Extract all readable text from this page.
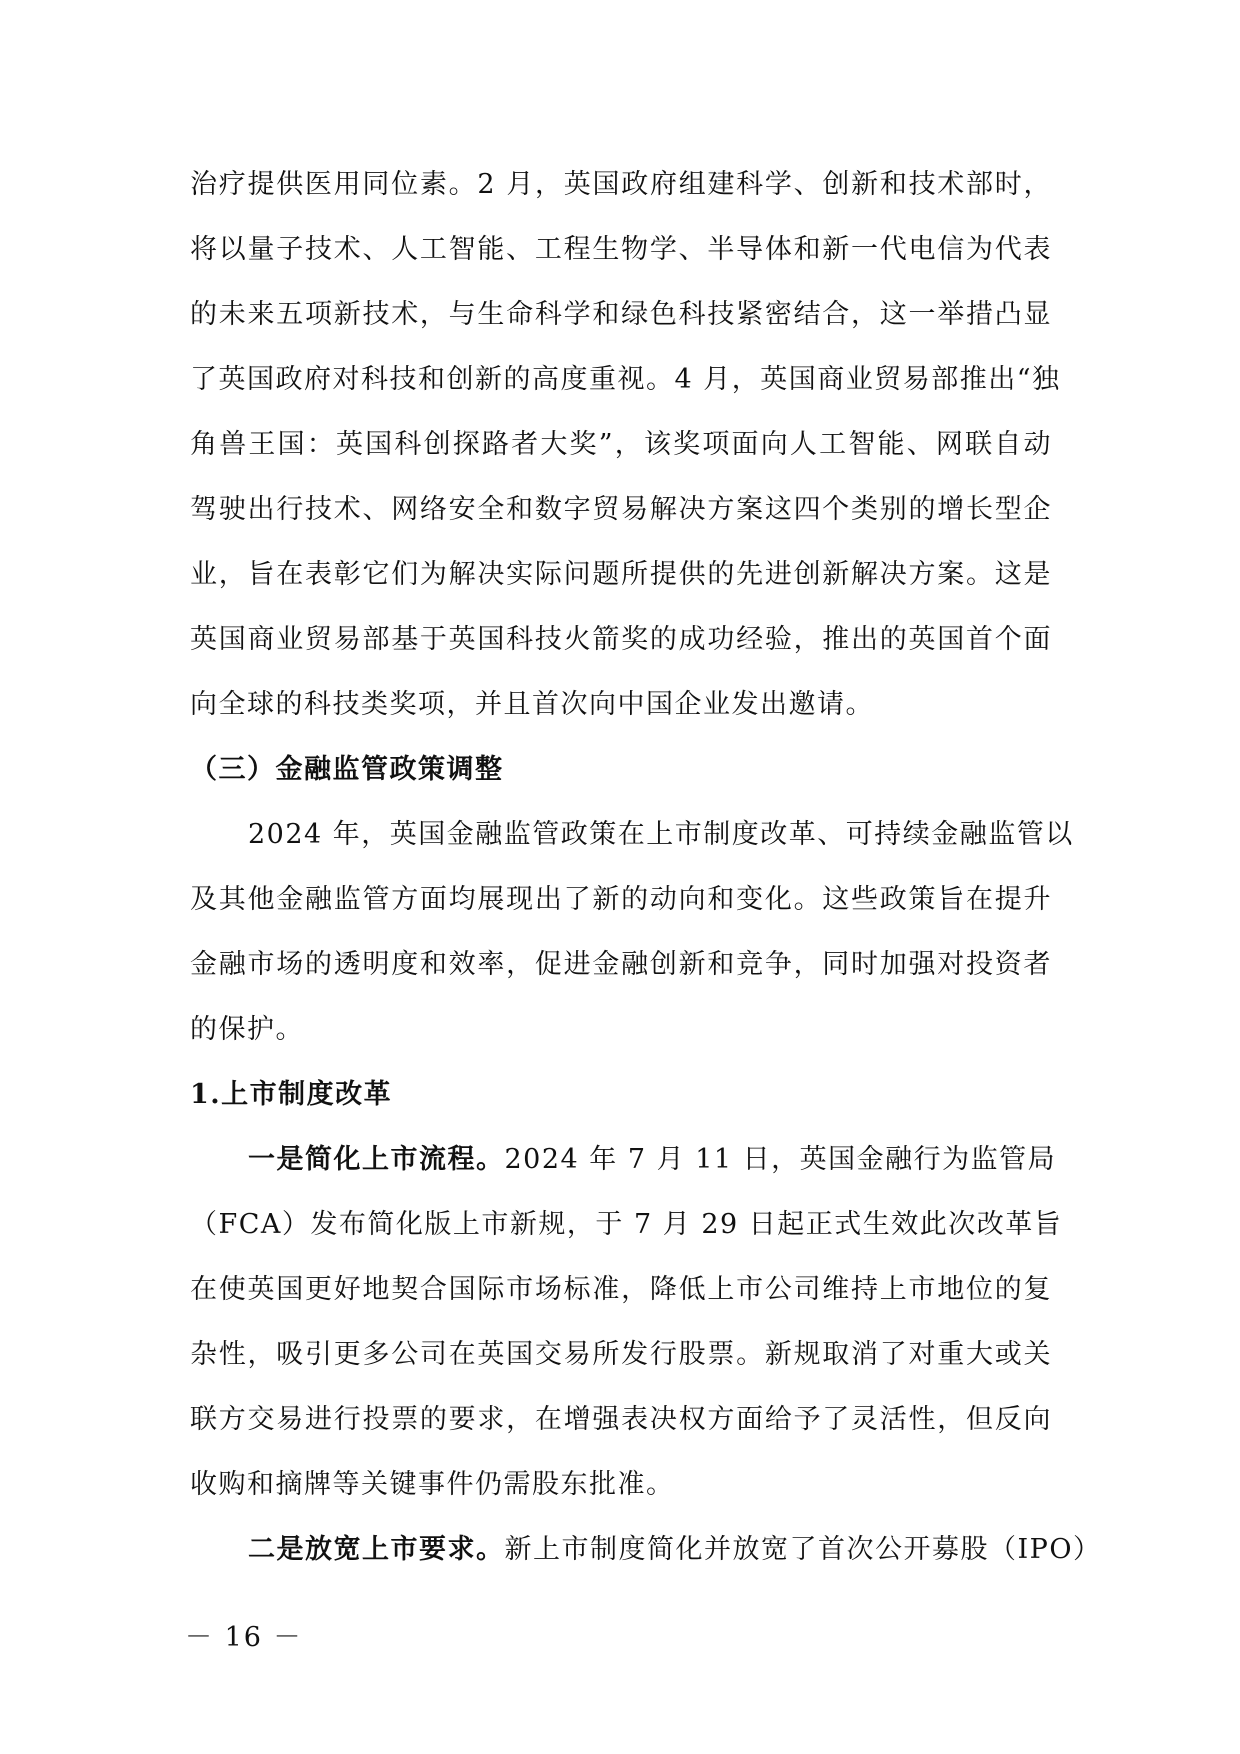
治疗提供医用同位素。2 月，英国政府组建科学、创新和技术部时，
将以量子技术、人工智能、工程生物学、半导体和新一代电信为代表
的未来五项新技术，与生命科学和绿色科技紧密结合，这一举措凸显
了英国政府对科技和创新的高度重视。4 月，英国商业贸易部推出“独
角兽王国：英国科创探路者大奖”，该奖项面向人工智能、网联自动
驾驶出行技术、网络安全和数字贸易解决方案这四个类别的增长型企
业，旨在表彰它们为解决实际问题所提供的先进创新解决方案。这是
英国商业贸易部基于英国科技火箭奖的成功经验，推出的英国首个面
向全球的科技类奖项，并且首次向中国企业发出邀请。
（三）金融监管政策调整
2024 年，英国金融监管政策在上市制度改革、可持续金融监管以
及其他金融监管方面均展现出了新的动向和变化。这些政策旨在提升
金融市场的透明度和效率，促进金融创新和竞争，同时加强对投资者
的保护。
1.上市制度改革
一是简化上市流程。2024 年 7 月 11 日，英国金融行为监管局
（FCA）发布简化版上市新规，于 7 月 29 日起正式生效此次改革旨
在使英国更好地契合国际市场标准，降低上市公司维持上市地位的复
杂性，吸引更多公司在英国交易所发行股票。新规取消了对重大或关
联方交易进行投票的要求，在增强表决权方面给予了灵活性，但反向
收购和摘牌等关键事件仍需股东批准。
二是放宽上市要求。新上市制度简化并放宽了首次公开募股（IPO）
－ 16 －
